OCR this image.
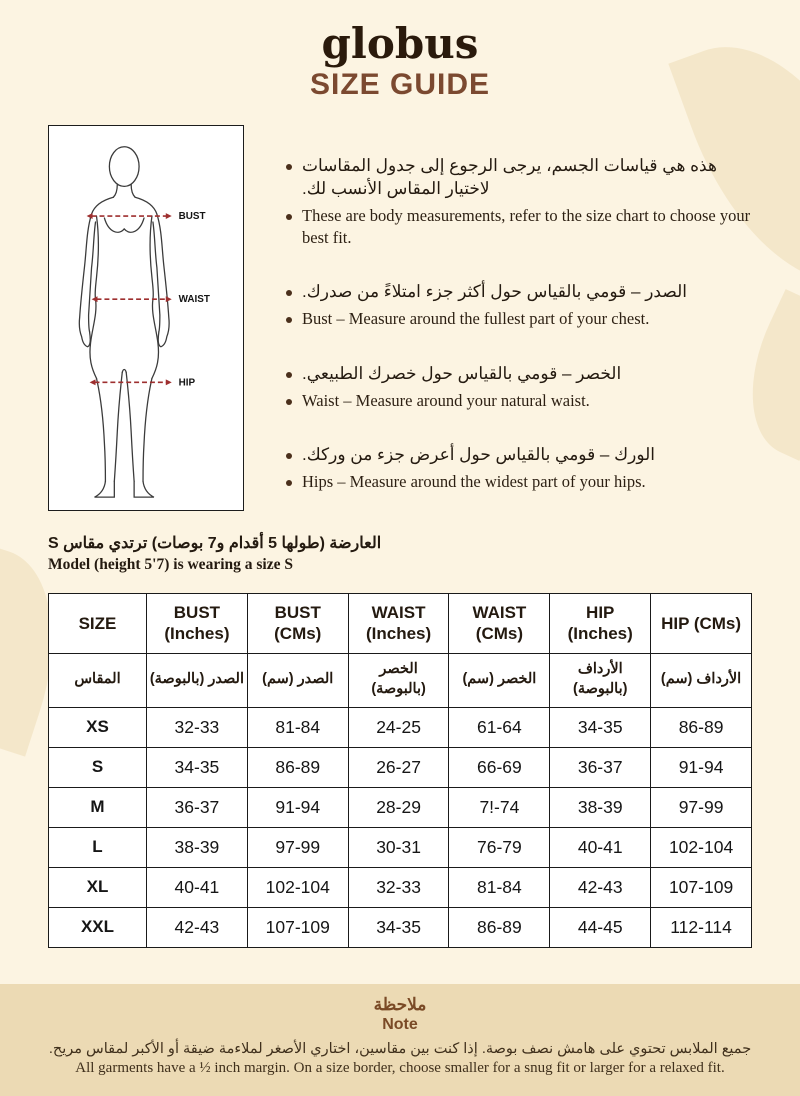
globus
SIZE GUIDE
BUST
WAIST
HIP
هذه هي قياسات الجسم، يرجى الرجوع إلى جدول المقاسات لاختيار المقاس الأنسب لك.
These are body measurements, refer to the size chart to choose your best fit.
الصدر – قومي بالقياس حول أكثر جزء امتلاءً من صدرك.
Bust – Measure around the fullest part of your chest.
الخصر – قومي بالقياس حول خصرك الطبيعي.
Waist – Measure around your natural waist.
الورك – قومي بالقياس حول أعرض جزء من وركك.
Hips – Measure around the widest part of your hips.
العارضة (طولها 5 أقدام و7 بوصات) ترتدي مقاس S
Model (height 5'7) is wearing a size S
SIZE	BUST (Inches)	BUST (CMs)	WAIST (Inches)	WAIST (CMs)	HIP (Inches)	HIP (CMs)
المقاس	الصدر (بالبوصة)	الصدر (سم)	الخصر (بالبوصة)	الخصر (سم)	الأرداف (بالبوصة)	الأرداف (سم)
XS	32-33	81-84	24-25	61-64	34-35	86-89
S	34-35	86-89	26-27	66-69	36-37	91-94
M	36-37	91-94	28-29	7!-74	38-39	97-99
L	38-39	97-99	30-31	76-79	40-41	102-104
XL	40-41	102-104	32-33	81-84	42-43	107-109
XXL	42-43	107-109	34-35	86-89	44-45	112-114
ملاحظة
Note
جميع الملابس تحتوي على هامش نصف بوصة. إذا كنت بين مقاسين، اختاري الأصغر لملاءمة ضيقة أو الأكبر لمقاس مريح.
All garments have a ½ inch margin. On a size border, choose smaller for a snug fit or larger for a relaxed fit.
